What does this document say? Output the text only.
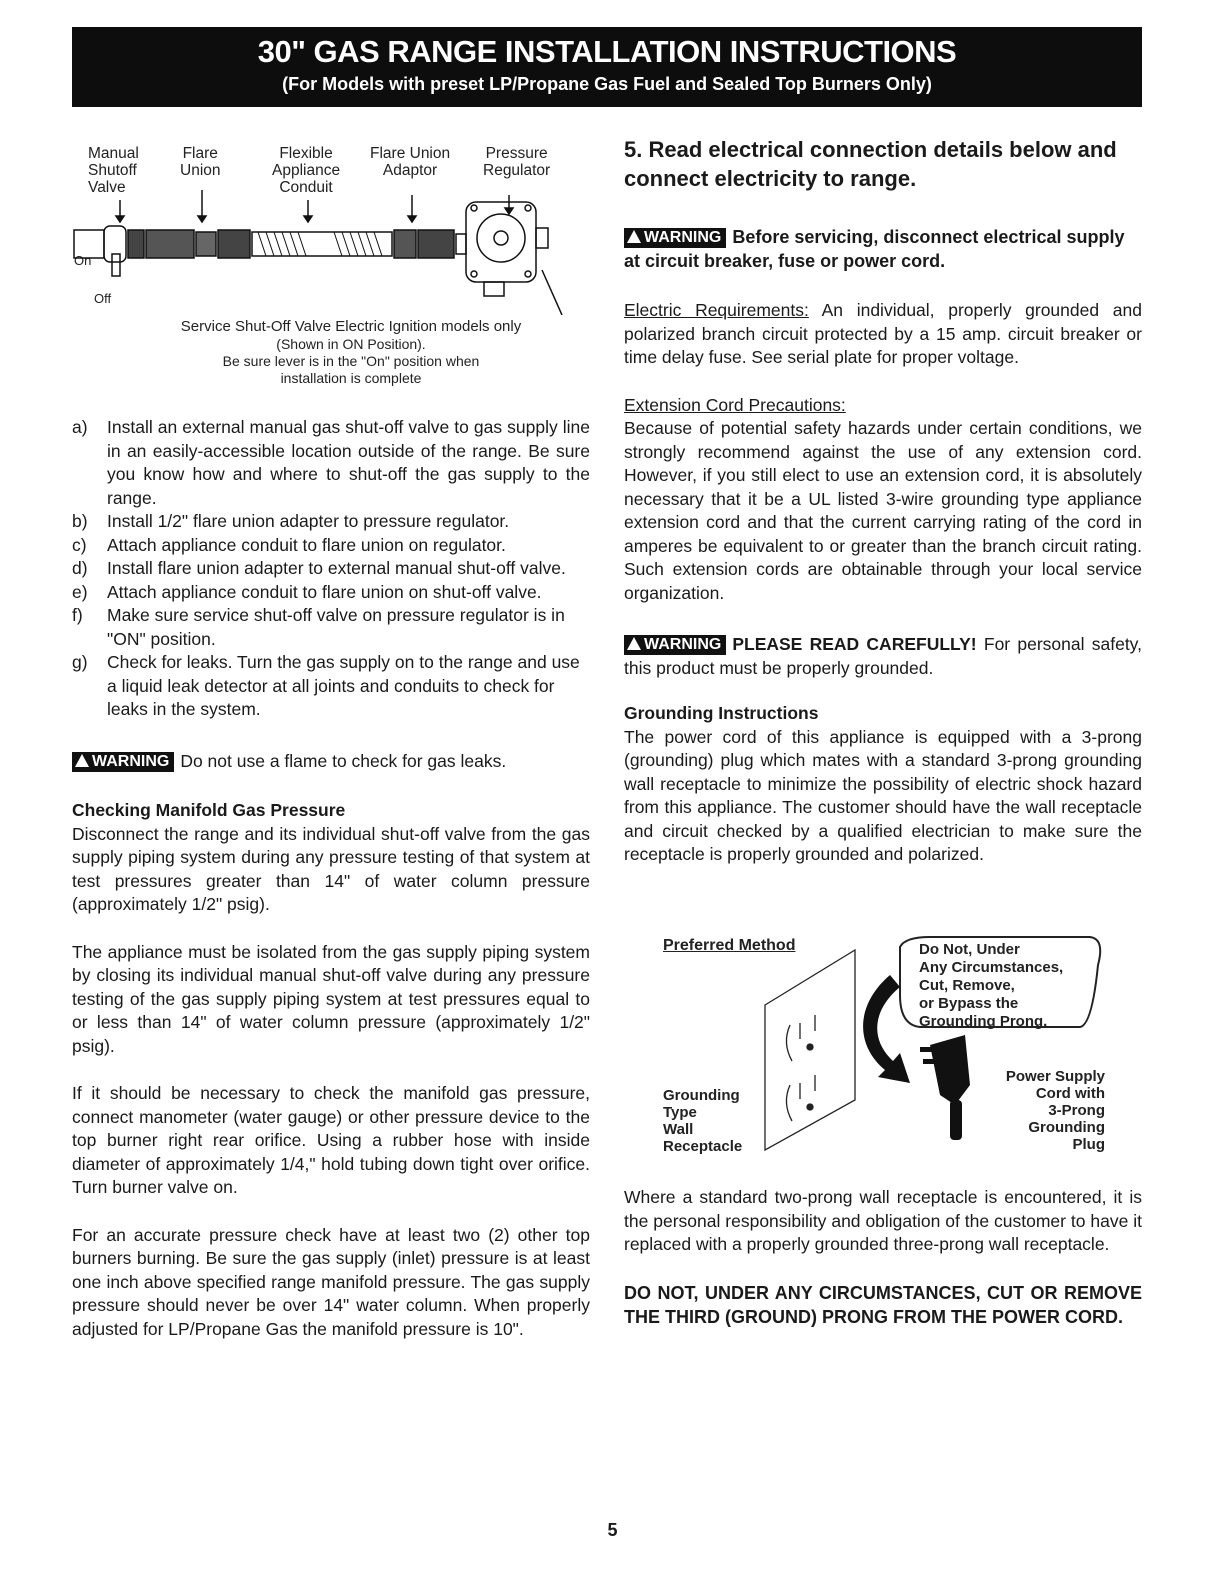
30" GAS RANGE INSTALLATION INSTRUCTIONS
(For Models with preset LP/Propane Gas Fuel and Sealed Top Burners Only)
Manual
Shutoff
Valve
Flare
Union
Flexible
Appliance
Conduit
Flare Union
Adaptor
Pressure
Regulator
On
Off
Service Shut-Off Valve Electric Ignition models only
(Shown in ON Position).
Be sure lever is in the "On" position when
installation is complete
a)	Install an external manual gas shut-off valve to gas supply line in an easily-accessible location outside of the range. Be sure you know how and where to shut-off the gas supply to the range.
b)	Install 1/2" flare union adapter to pressure regulator.
c)	Attach appliance conduit to flare union on regulator.
d)	Install flare union adapter to external manual shut-off valve.
e)	Attach appliance conduit to flare union on shut-off valve.
f)	Make sure service shut-off valve on pressure regulator is in "ON" position.
g)	Check for leaks. Turn the gas supply on to the range and use a liquid leak detector at all joints and conduits to check for leaks in the system.

WARNING Do not use a flame to check for gas leaks.

Checking Manifold Gas Pressure

Disconnect the range and its individual shut-off valve from the gas supply piping system during any pressure testing of that system at test pressures greater than 14" of water column pressure (approximately 1/2" psig).

The appliance must be isolated from the gas supply piping system by closing its individual manual shut-off valve during any pressure testing of the gas supply piping system at test pressures equal to or less than 14" of water column pressure (approximately 1/2" psig).

If it should be necessary to check the manifold gas pressure, connect manometer (water gauge) or other pressure device to the top burner right rear orifice. Using a rubber hose with inside diameter of approximately 1/4," hold tubing down tight over orifice. Turn burner valve on.

For an accurate pressure check have at least two (2) other top burners burning. Be sure the gas supply (inlet) pressure is at least one inch above specified range manifold pressure. The gas supply pressure should never be over 14" water column. When properly adjusted for LP/Propane Gas the manifold pressure is 10".

5. Read electrical connection details below and connect electricity to range.

WARNING Before servicing, disconnect electrical supply at circuit breaker, fuse or power cord.

Electric Requirements: An individual, properly grounded and polarized branch circuit protected by a 15 amp. circuit breaker or time delay fuse. See serial plate for proper voltage.

Extension Cord Precautions:

Because of potential safety hazards under certain conditions, we strongly recommend against the use of any extension cord. However, if you still elect to use an extension cord, it is absolutely necessary that it be a UL listed 3-wire grounding type appliance extension cord and that the current carrying rating of the cord in amperes be equivalent to or greater than the branch circuit rating. Such extension cords are obtainable through your local service organization.

WARNING PLEASE READ CAREFULLY! For personal safety, this product must be properly grounded.

Grounding Instructions

The power cord of this appliance is equipped with a 3-prong (grounding) plug which mates with a standard 3-prong grounding wall receptacle to minimize the possibility of electric shock hazard from this appliance. The customer should have the wall receptacle and circuit checked by a qualified electrician to make sure the receptacle is properly grounded and polarized.

Preferred Method	Do Not, Under
Any Circumstances,
Cut, Remove,
or Bypass the
Grounding Prong.
Grounding
Type
Wall
Receptacle
Power Supply
Cord with
3-Prong
Grounding
Plug

Where a standard two-prong wall receptacle is encountered, it is the personal responsibility and obligation of the customer to have it replaced with a properly grounded three-prong wall receptacle.

DO NOT, UNDER ANY CIRCUMSTANCES, CUT OR REMOVE THE THIRD (GROUND) PRONG FROM THE POWER CORD.

5
